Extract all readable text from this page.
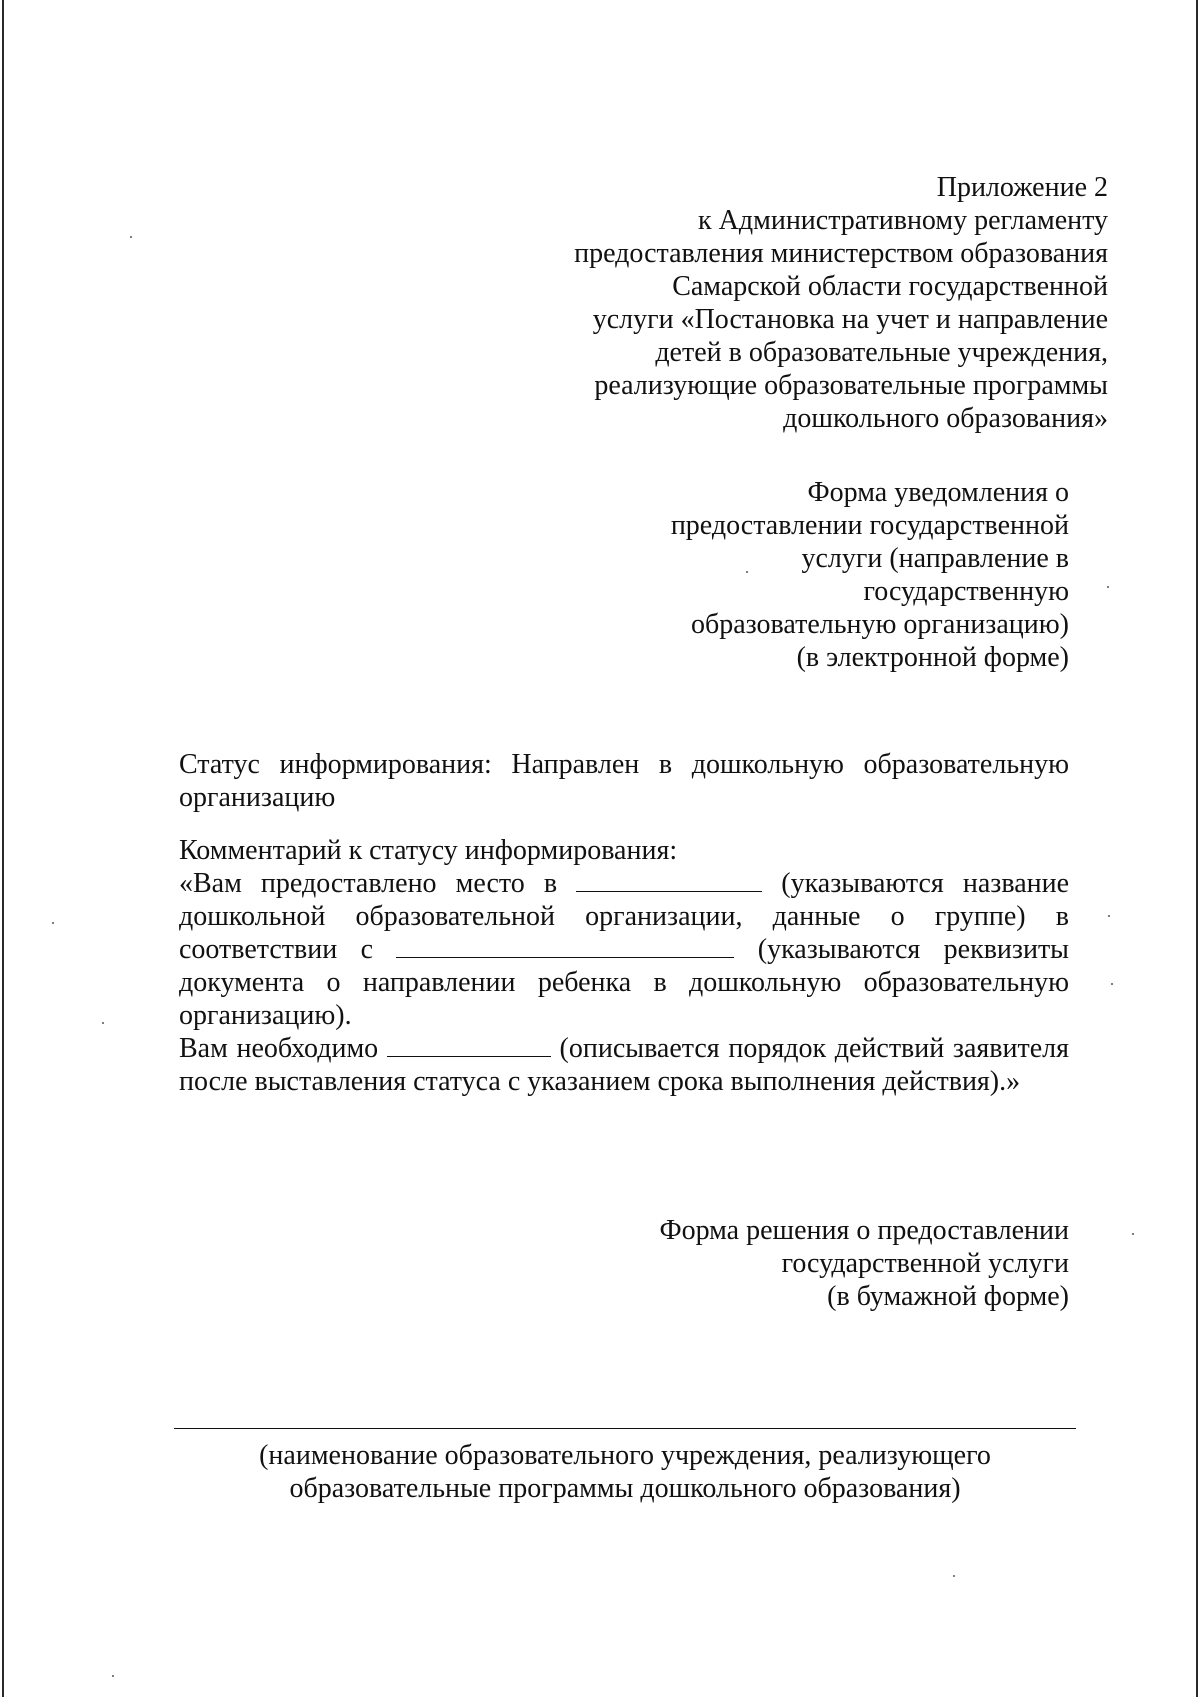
Приложение 2
к Административному регламенту
предоставления министерством образования
Самарской области государственной
услуги «Постановка на учет и направление
детей в образовательные учреждения,
реализующие образовательные программы
дошкольного образования»
Форма уведомления о
предоставлении государственной
услуги (направление в
государственную
образовательную организацию)
(в электронной форме)
Статус информирования: Направлен в дошкольную образовательную организацию

Комментарий к статусу информирования:

«Вам предоставлено место в	(указываются название дошкольной образовательной организации, данные о группе) в соответствии с	(указываются реквизиты документа о направлении ребенка в дошкольную образовательную организацию).

Вам необходимо	(описывается порядок действий заявителя после выставления статуса с указанием срока выполнения действия).»

Форма решения о предоставлении
государственной услуги
(в бумажной форме)
(наименование образовательного учреждения, реализующего
образовательные программы дошкольного образования)
